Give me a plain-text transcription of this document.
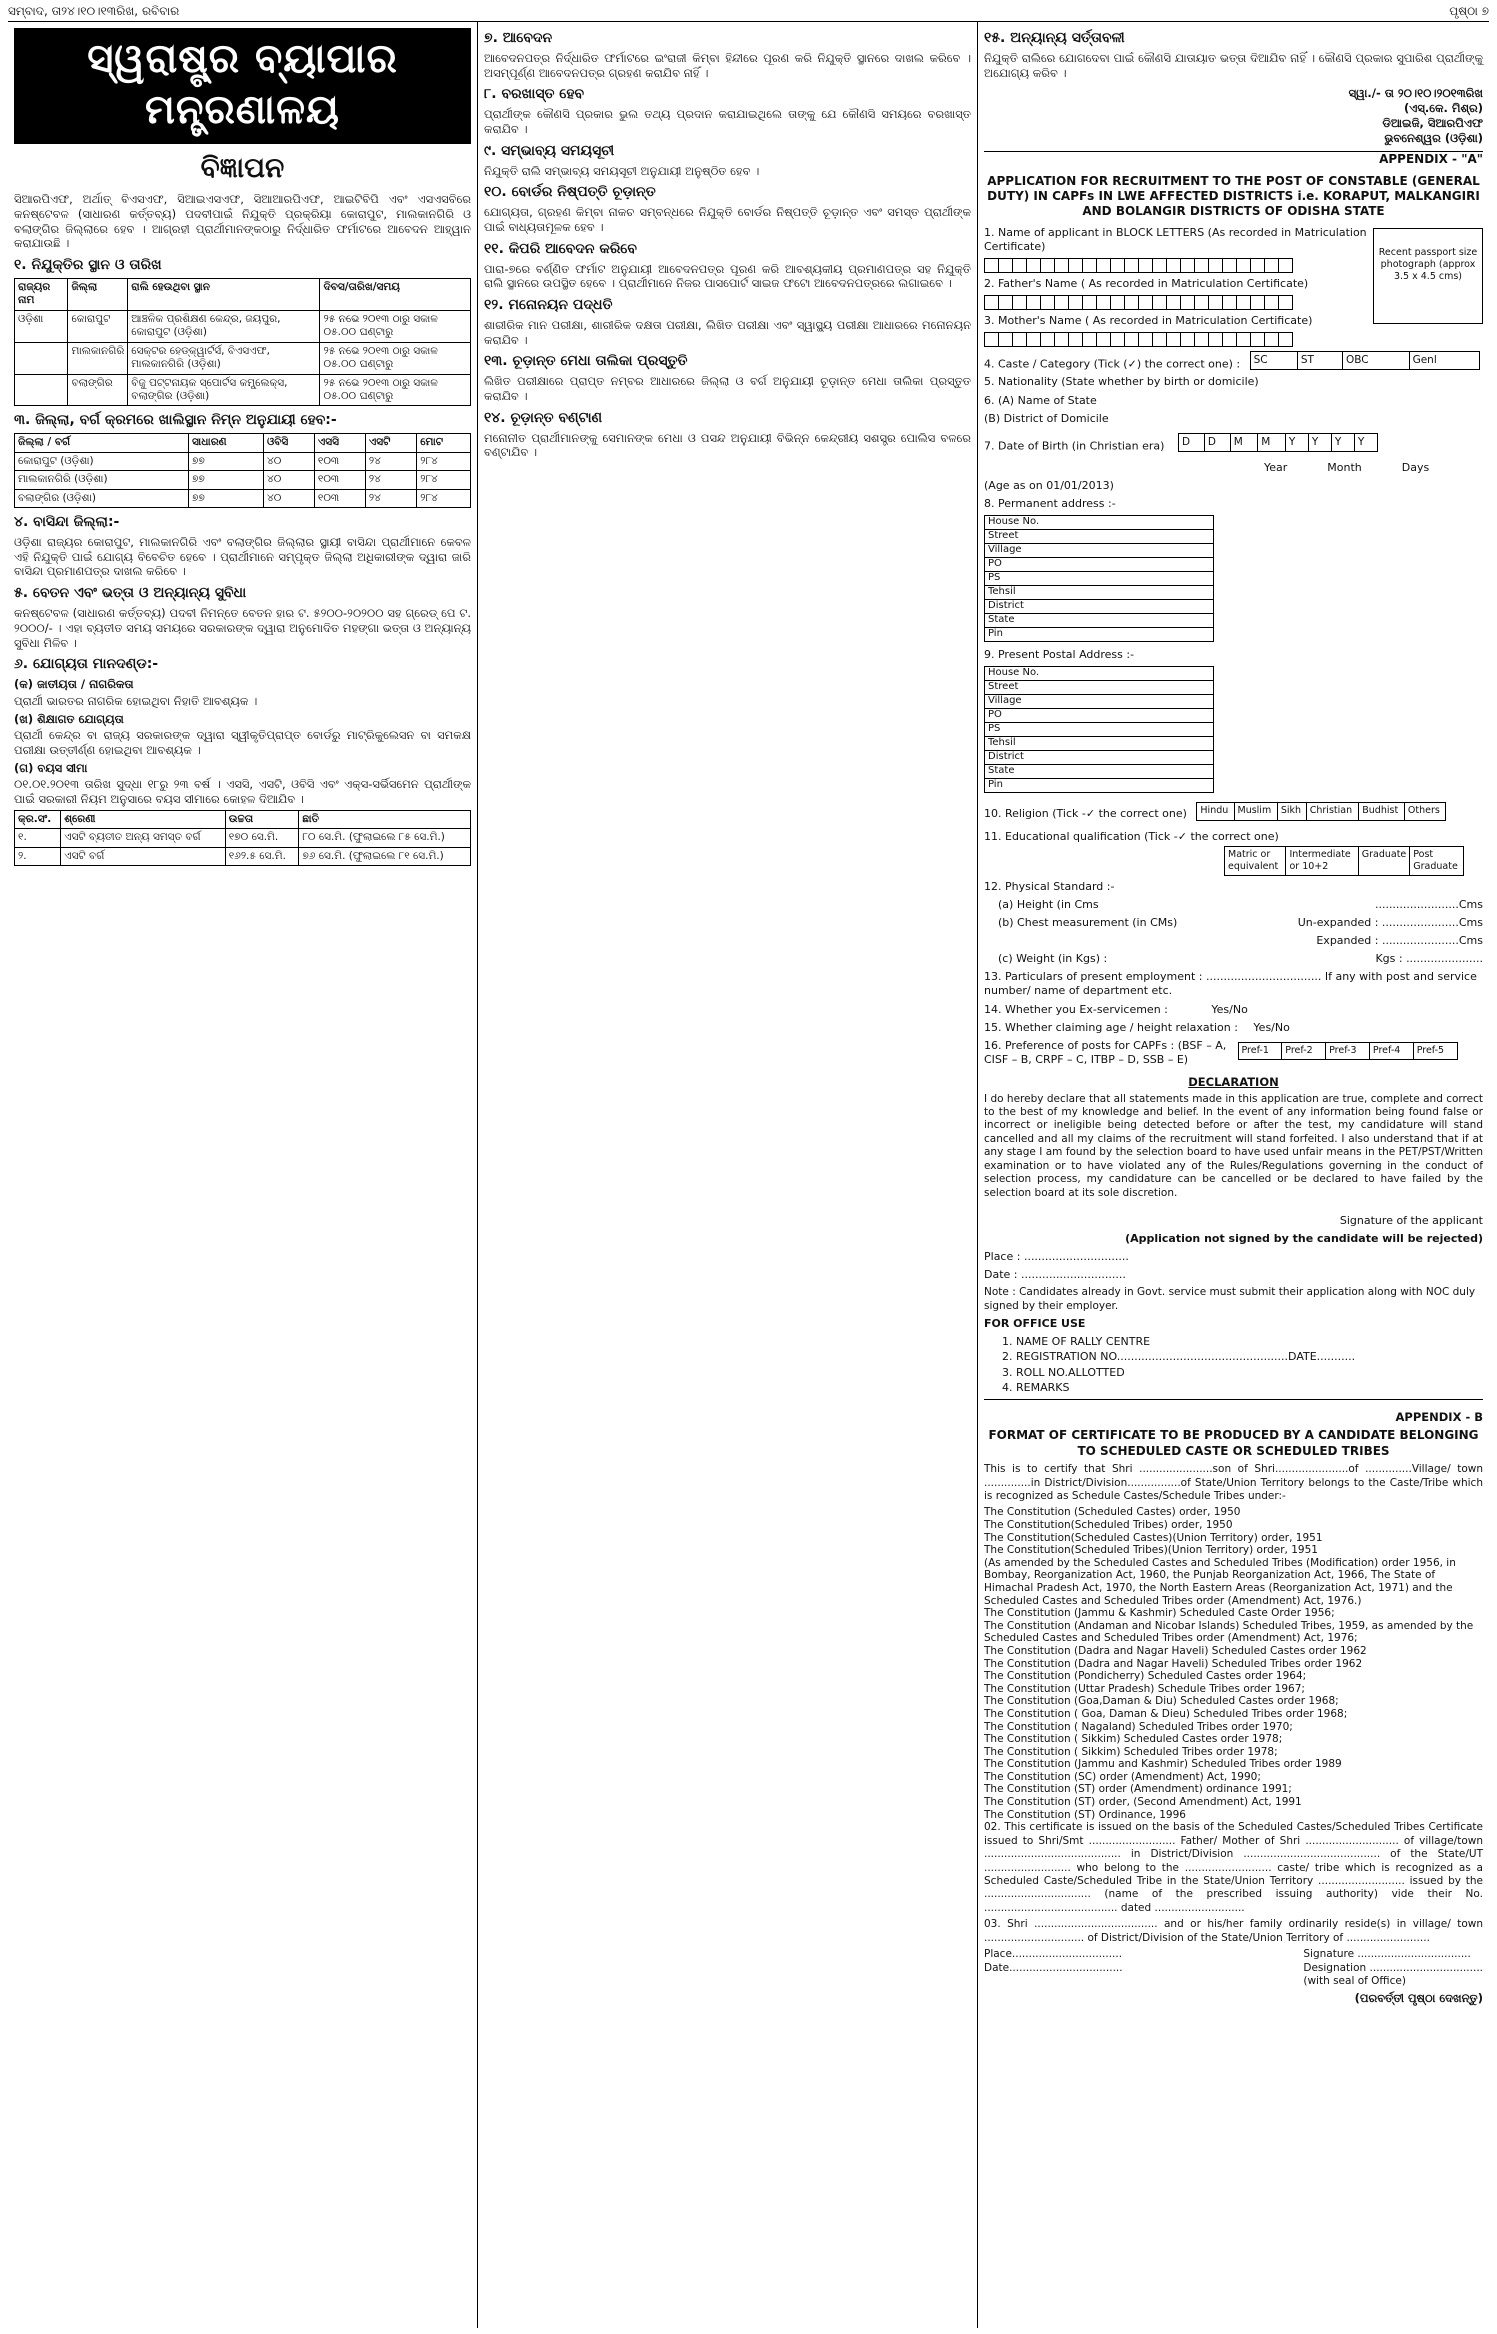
ସମ୍ବାଦ, ତା୨୪।୧୦।୧୩ରିଖ, ରବିବାର	ପୃଷ୍ଠା ୭
ସ୍ୱରାଷ୍ଟ୍ର ବ୍ୟାପାର ମନ୍ତ୍ରଣାଳୟ
ବିଜ୍ଞାପନ

ସିଆରପିଏଫ, ଅର୍ଥାତ୍ ବିଏସଏଫ, ସିଆଇଏସଏଫ, ସିଆଆରପିଏଫ, ଆଇଟିବିପି ଏବଂ ଏସଏସବିରେ କନଷ୍ଟେବଳ (ସାଧାରଣ କର୍ତ୍ତବ୍ୟ) ପଦବୀପାଇଁ ନିଯୁକ୍ତି ପ୍ରକ୍ରିୟା କୋରାପୁଟ, ମାଲକାନଗିରି ଓ ବଲାଙ୍ଗିର ଜିଲ୍ଲାରେ ହେବ । ଆଗ୍ରହୀ ପ୍ରାର୍ଥୀମାନଙ୍କଠାରୁ ନିର୍ଦ୍ଧାରିତ ଫର୍ମାଟରେ ଆବେଦନ ଆହ୍ୱାନ କରାଯାଉଛି ।

୧. ନିଯୁକ୍ତିର ସ୍ଥାନ ଓ ତାରିଖ
ରାଜ୍ୟର ନାମ	ଜିଲ୍ଲା	ରାଲି ହେଉଥିବା ସ୍ଥାନ	ଦିବସ/ତାରିଖ/ସମୟ
ଓଡ଼ିଶା	କୋରାପୁଟ	ଆଞ୍ଚଳିକ ପ୍ରଶିକ୍ଷଣ କେନ୍ଦ୍ର, ଜୟପୁର, କୋରାପୁଟ (ଓଡ଼ିଶା)	୨୫ ନଭେ ୨୦୧୩ ଠାରୁ ସକାଳ ୦୫.୦୦ ଘଣ୍ଟାରୁ
	ମାଲକାନଗିରି	ସେକ୍ଟର ହେଡ୍‌କ୍ୱାର୍ଟର୍ସ, ବିଏସଏଫ, ମାଲକାନଗିରି (ଓଡ଼ିଶା)	୨୫ ନଭେ ୨୦୧୩ ଠାରୁ ସକାଳ ୦୫.୦୦ ଘଣ୍ଟାରୁ
	ବଲାଙ୍ଗିର	ବିଜୁ ପଟ୍ଟନାୟକ ସ୍ପୋର୍ଟସ କମ୍ପ୍ଲେକ୍ସ, ବଲାଙ୍ଗିର (ଓଡ଼ିଶା)	୨୫ ନଭେ ୨୦୧୩ ଠାରୁ ସକାଳ ୦୫.୦୦ ଘଣ୍ଟାରୁ
୩. ଜିଲ୍ଲା, ବର୍ଗ କ୍ରମରେ ଖାଲିସ୍ଥାନ ନିମ୍ନ ଅନୁଯାୟୀ ହେବ:-
ଜିଲ୍ଲା / ବର୍ଗ	ସାଧାରଣ	ଓବିସି	ଏସସି	ଏସଟି	ମୋଟ
କୋରାପୁଟ (ଓଡ଼ିଶା)	୭୭	୪୦	୧୦୩	୨୪	୨୮୪
ମାଲକାନଗିରି (ଓଡ଼ିଶା)	୭୭	୪୦	୧୦୩	୨୪	୨୮୪
ବଲାଙ୍ଗିର (ଓଡ଼ିଶା)	୭୭	୪୦	୧୦୩	୨୪	୨୮୪
୪. ବାସିନ୍ଦା ଜିଲ୍ଲା:-

ଓଡ଼ିଶା ରାଜ୍ୟର କୋରାପୁଟ, ମାଲକାନଗିରି ଏବଂ ବଲାଙ୍ଗିର ଜିଲ୍ଲାର ସ୍ଥାୟୀ ବାସିନ୍ଦା ପ୍ରାର୍ଥୀମାନେ କେବଳ ଏହି ନିଯୁକ୍ତି ପାଇଁ ଯୋଗ୍ୟ ବିବେଚିତ ହେବେ । ପ୍ରାର୍ଥୀମାନେ ସମ୍ପୃକ୍ତ ଜିଲ୍ଲା ଅଧିକାରୀଙ୍କ ଦ୍ୱାରା ଜାରି ବାସିନ୍ଦା ପ୍ରମାଣପତ୍ର ଦାଖଲ କରିବେ ।

୫. ବେତନ ଏବଂ ଭତ୍ତା ଓ ଅନ୍ୟାନ୍ୟ ସୁବିଧା

କନଷ୍ଟେବଳ (ସାଧାରଣ କର୍ତ୍ତବ୍ୟ) ପଦବୀ ନିମନ୍ତେ ବେତନ ହାର ଟ. ୫୨୦୦-୨୦୨୦୦ ସହ ଗ୍ରେଡ୍ ପେ ଟ. ୨୦୦୦/- । ଏହା ବ୍ୟତୀତ ସମୟ ସମୟରେ ସରକାରଙ୍କ ଦ୍ୱାରା ଅନୁମୋଦିତ ମହଙ୍ଗା ଭତ୍ତା ଓ ଅନ୍ୟାନ୍ୟ ସୁବିଧା ମିଳିବ ।

୬. ଯୋଗ୍ୟତା ମାନଦଣ୍ଡ:-
(କ) ଜାତୀୟତା / ନାଗରିକତା

ପ୍ରାର୍ଥୀ ଭାରତର ନାଗରିକ ହୋଇଥିବା ନିହାତି ଆବଶ୍ୟକ ।

(ଖ) ଶିକ୍ଷାଗତ ଯୋଗ୍ୟତା

ପ୍ରାର୍ଥୀ କେନ୍ଦ୍ର ବା ରାଜ୍ୟ ସରକାରଙ୍କ ଦ୍ୱାରା ସ୍ୱୀକୃତିପ୍ରାପ୍ତ ବୋର୍ଡରୁ ମାଟ୍ରିକୁଲେସନ ବା ସମକକ୍ଷ ପରୀକ୍ଷା ଉତ୍ତୀର୍ଣ୍ଣ ହୋଇଥିବା ଆବଶ୍ୟକ ।

(ଗ) ବୟସ ସୀମା

୦୧.୦୧.୨୦୧୩ ତାରିଖ ସୁଦ୍ଧା ୧୮ରୁ ୨୩ ବର୍ଷ । ଏସସି, ଏସଟି, ଓବିସି ଏବଂ ଏକ୍ସ-ସର୍ଭିସମେନ ପ୍ରାର୍ଥୀଙ୍କ ପାଇଁ ସରକାରୀ ନିୟମ ଅନୁସାରେ ବୟସ ସୀମାରେ କୋହଳ ଦିଆଯିବ ।

କ୍ର.ସଂ.	ଶ୍ରେଣୀ	ଉଚ୍ଚତା	ଛାତି
୧.	ଏସଟି ବ୍ୟତୀତ ଅନ୍ୟ ସମସ୍ତ ବର୍ଗ	୧୭୦ ସେ.ମି.	୮୦ ସେ.ମି. (ଫୁଲାଇଲେ ୮୫ ସେ.ମି.)
୨.	ଏସଟି ବର୍ଗ	୧୬୨.୫ ସେ.ମି.	୭୬ ସେ.ମି. (ଫୁଲାଇଲେ ୮୧ ସେ.ମି.)
୭. ଆବେଦନ

ଆବେଦନପତ୍ର ନିର୍ଦ୍ଧାରିତ ଫର୍ମାଟରେ ଇଂରାଜୀ କିମ୍ବା ହିନ୍ଦୀରେ ପୂରଣ କରି ନିଯୁକ୍ତି ସ୍ଥାନରେ ଦାଖଲ କରିବେ । ଅସମ୍ପୂର୍ଣ୍ଣ ଆବେଦନପତ୍ର ଗ୍ରହଣ କରାଯିବ ନାହିଁ ।

୮. ବରଖାସ୍ତ ହେବ

ପ୍ରାର୍ଥୀଙ୍କ କୌଣସି ପ୍ରକାର ଭୁଲ ତଥ୍ୟ ପ୍ରଦାନ କରାଯାଇଥିଲେ ତାଙ୍କୁ ଯେ କୌଣସି ସମୟରେ ବରଖାସ୍ତ କରାଯିବ ।

୯. ସମ୍ଭାବ୍ୟ ସମୟସୂଚୀ

ନିଯୁକ୍ତି ରାଲି ସମ୍ଭାବ୍ୟ ସମୟସୂଚୀ ଅନୁଯାୟୀ ଅନୁଷ୍ଠିତ ହେବ ।

୧୦. ବୋର୍ଡର ନିଷ୍ପତ୍ତି ଚୂଡ଼ାନ୍ତ

ଯୋଗ୍ୟତା, ଗ୍ରହଣ କିମ୍ବା ନାକଚ ସମ୍ବନ୍ଧରେ ନିଯୁକ୍ତି ବୋର୍ଡର ନିଷ୍ପତ୍ତି ଚୂଡ଼ାନ୍ତ ଏବଂ ସମସ୍ତ ପ୍ରାର୍ଥୀଙ୍କ ପାଇଁ ବାଧ୍ୟତାମୂଳକ ହେବ ।

୧୧. କିପରି ଆବେଦନ କରିବେ

ପାରା-୭ରେ ବର୍ଣ୍ଣିତ ଫର୍ମାଟ ଅନୁଯାୟୀ ଆବେଦନପତ୍ର ପୂରଣ କରି ଆବଶ୍ୟକୀୟ ପ୍ରମାଣପତ୍ର ସହ ନିଯୁକ୍ତି ରାଲି ସ୍ଥାନରେ ଉପସ୍ଥିତ ହେବେ । ପ୍ରାର୍ଥୀମାନେ ନିଜର ପାସପୋର୍ଟ ସାଇଜ ଫଟୋ ଆବେଦନପତ୍ରରେ ଲଗାଇବେ ।

୧୨. ମନୋନୟନ ପଦ୍ଧତି

ଶାରୀରିକ ମାନ ପରୀକ୍ଷା, ଶାରୀରିକ ଦକ୍ଷତା ପରୀକ୍ଷା, ଲିଖିତ ପରୀକ୍ଷା ଏବଂ ସ୍ୱାସ୍ଥ୍ୟ ପରୀକ୍ଷା ଆଧାରରେ ମନୋନୟନ କରାଯିବ ।

୧୩. ଚୂଡ଼ାନ୍ତ ମେଧା ତାଲିକା ପ୍ରସ୍ତୁତି

ଲିଖିତ ପରୀକ୍ଷାରେ ପ୍ରାପ୍ତ ନମ୍ବର ଆଧାରରେ ଜିଲ୍ଲା ଓ ବର୍ଗ ଅନୁଯାୟୀ ଚୂଡ଼ାନ୍ତ ମେଧା ତାଲିକା ପ୍ରସ୍ତୁତ କରାଯିବ ।

୧୪. ଚୂଡ଼ାନ୍ତ ବଣ୍ଟାଣ

ମନୋନୀତ ପ୍ରାର୍ଥୀମାନଙ୍କୁ ସେମାନଙ୍କ ମେଧା ଓ ପସନ୍ଦ ଅନୁଯାୟୀ ବିଭିନ୍ନ କେନ୍ଦ୍ରୀୟ ସଶସ୍ତ୍ର ପୋଲିସ ବଳରେ ବଣ୍ଟାଯିବ ।

୧୫. ଅନ୍ୟାନ୍ୟ ସର୍ତ୍ତାବଳୀ

ନିଯୁକ୍ତି ରାଲିରେ ଯୋଗଦେବା ପାଇଁ କୌଣସି ଯାତାୟାତ ଭତ୍ତା ଦିଆଯିବ ନାହିଁ । କୌଣସି ପ୍ରକାର ସୁପାରିଶ ପ୍ରାର୍ଥୀଙ୍କୁ ଅଯୋଗ୍ୟ କରିବ ।

ସ୍ୱା./- ତା ୨୦।୧୦।୨୦୧୩ରିଖ
(ଏସ୍‌.କେ. ମିଶ୍ର)
ଡିଆଇଜି, ସିଆରପିଏଫ
ଭୁବନେଶ୍ୱର (ଓଡ଼ିଶା)
APPENDIX - "A"
APPLICATION FOR RECRUITMENT TO THE POST OF CONSTABLE (GENERAL DUTY) IN CAPFs IN LWE AFFECTED DISTRICTS i.e. KORAPUT, MALKANGIRI AND BOLANGIR DISTRICTS OF ODISHA STATE
Recent passport size photograph (approx 3.5 x 4.5 cms)
1. Name of applicant in BLOCK LETTERS (As recorded in Matriculation Certificate)
2. Father's Name ( As recorded in Matriculation Certificate)
3. Mother's Name ( As recorded in Matriculation Certificate)
4. Caste / Category (Tick (✓) the correct one) : SC	ST	OBC	Genl
5. Nationality (State whether by birth or domicile)
6. (A) Name of State
(B) District of Domicile
7. Date of Birth (in Christian era) D	D	M	M	Y	Y	Y	Y
Year	Month	Days
(Age as on 01/01/2013)
8. Permanent address :-
House No.
Street
Village
PO
PS
Tehsil
District
State
Pin
9. Present Postal Address :-
House No.
Street
Village
PO
PS
Tehsil
District
State
Pin
10. Religion (Tick -✓ the correct one) Hindu	Muslim	Sikh	Christian	Budhist	Others
11. Educational qualification (Tick -✓ the correct one)
Matric or equivalent	Intermediate or 10+2	Graduate	Post Graduate
12. Physical Standard :-
(a) Height (in Cms	........................Cms
(b) Chest measurement (in CMs)	Un-expanded : ......................Cms
Expanded : ......................Cms
(c) Weight (in Kgs) :	Kgs : ......................
13. Particulars of present employment : ................................. If any with post and service number/ name of department etc.
14. Whether you Ex-servicemen :	Yes/No
15. Whether claiming age / height relaxation : Yes/No
16. Preference of posts for CAPFs : (BSF – A, CISF – B, CRPF – C, ITBP – D, SSB – E) Pref-1	Pref-2	Pref-3	Pref-4	Pref-5
DECLARATION

I do hereby declare that all statements made in this application are true, complete and correct to the best of my knowledge and belief. In the event of any information being found false or incorrect or ineligible being detected before or after the test, my candidature will stand cancelled and all my claims of the recruitment will stand forfeited. I also understand that if at any stage I am found by the selection board to have used unfair means in the PET/PST/Written examination or to have violated any of the Rules/Regulations governing in the conduct of selection process, my candidature can be cancelled or be declared to have failed by the selection board at its sole discretion.

Signature of the applicant
(Application not signed by the candidate will be rejected)
Place : ..............................
Date : ..............................
Note : Candidates already in Govt. service must submit their application along with NOC duly signed by their employer.
FOR OFFICE USE
1. NAME OF RALLY CENTRE
2. REGISTRATION NO.................................................DATE...........
3. ROLL NO.ALLOTTED
4. REMARKS
APPENDIX - B
FORMAT OF CERTIFICATE TO BE PRODUCED BY A CANDIDATE BELONGING TO SCHEDULED CASTE OR SCHEDULED TRIBES

This is to certify that Shri ......................son of Shri......................of ..............Village/ town ..............in District/Division................of State/Union Territory belongs to the Caste/Tribe which is recognized as Schedule Castes/Schedule Tribes under:-

The Constitution (Scheduled Castes) order, 1950
The Constitution(Scheduled Tribes) order, 1950
The Constitution(Scheduled Castes)(Union Territory) order, 1951
The Constitution(Scheduled Tribes)(Union Territory) order, 1951
(As amended by the Scheduled Castes and Scheduled Tribes (Modification) order 1956, in Bombay, Reorganization Act, 1960, the Punjab Reorganization Act, 1966, The State of Himachal Pradesh Act, 1970, the North Eastern Areas (Reorganization Act, 1971) and the Scheduled Castes and Scheduled Tribes order (Amendment) Act, 1976.)
The Constitution (Jammu & Kashmir) Scheduled Caste Order 1956;
The Constitution (Andaman and Nicobar Islands) Scheduled Tribes, 1959, as amended by the Scheduled Castes and Scheduled Tribes order (Amendment) Act, 1976;
The Constitution (Dadra and Nagar Haveli) Scheduled Castes order 1962
The Constitution (Dadra and Nagar Haveli) Scheduled Tribes order 1962
The Constitution (Pondicherry) Scheduled Castes order 1964;
The Constitution (Uttar Pradesh) Schedule Tribes order 1967;
The Constitution (Goa,Daman & Diu) Scheduled Castes order 1968;
The Constitution ( Goa, Daman & Dieu) Scheduled Tribes order 1968;
The Constitution ( Nagaland) Scheduled Tribes order 1970;
The Constitution ( Sikkim) Scheduled Castes order 1978;
The Constitution ( Sikkim) Scheduled Tribes order 1978;
The Constitution (Jammu and Kashmir) Scheduled Tribes order 1989
The Constitution (SC) order (Amendment) Act, 1990;
The Constitution (ST) order (Amendment) ordinance 1991;
The Constitution (ST) order, (Second Amendment) Act, 1991
The Constitution (ST) Ordinance, 1996

02. This certificate is issued on the basis of the Scheduled Castes/Scheduled Tribes Certificate issued to Shri/Smt .......................... Father/ Mother of Shri ............................ of village/town ......................................... in District/Division ......................................... of the State/UT .......................... who belong to the .......................... caste/ tribe which is recognized as a Scheduled Caste/Scheduled Tribe in the State/Union Territory .......................... issued by the ................................ (name of the prescribed issuing authority) vide their No. ........................................ dated ...........................

03. Shri ..................................... and or his/her family ordinarily reside(s) in village/ town .............................. of District/Division of the State/Union Territory of .........................

Place.................................
Date..................................
Signature ..................................
Designation ..................................
(with seal of Office)
(ପରବର୍ତ୍ତୀ ପୃଷ୍ଠା ଦେଖନ୍ତୁ)
